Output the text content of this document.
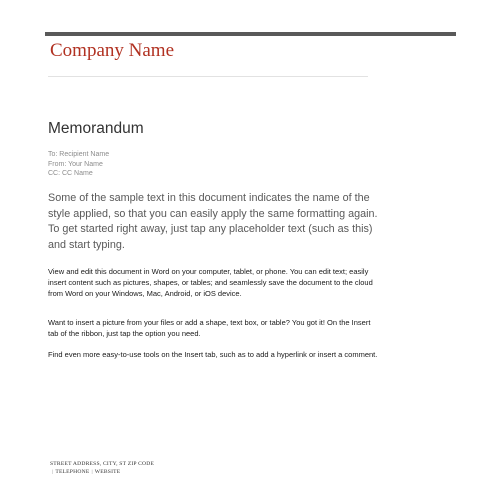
Company Name
Memorandum
To: Recipient Name
From: Your Name
CC: CC Name
Some of the sample text in this document indicates the name of the style applied, so that you can easily apply the same formatting again. To get started right away, just tap any placeholder text (such as this) and start typing.
View and edit this document in Word on your computer, tablet, or phone. You can edit text; easily insert content such as pictures, shapes, or tables; and seamlessly save the document to the cloud from Word on your Windows, Mac, Android, or iOS device.
Want to insert a picture from your files or add a shape, text box, or table? You got it! On the Insert tab of the ribbon, just tap the option you need.
Find even more easy-to-use tools on the Insert tab, such as to add a hyperlink or insert a comment.
STREET ADDRESS, CITY, ST ZIP CODE
| TELEPHONE | WEBSITE
